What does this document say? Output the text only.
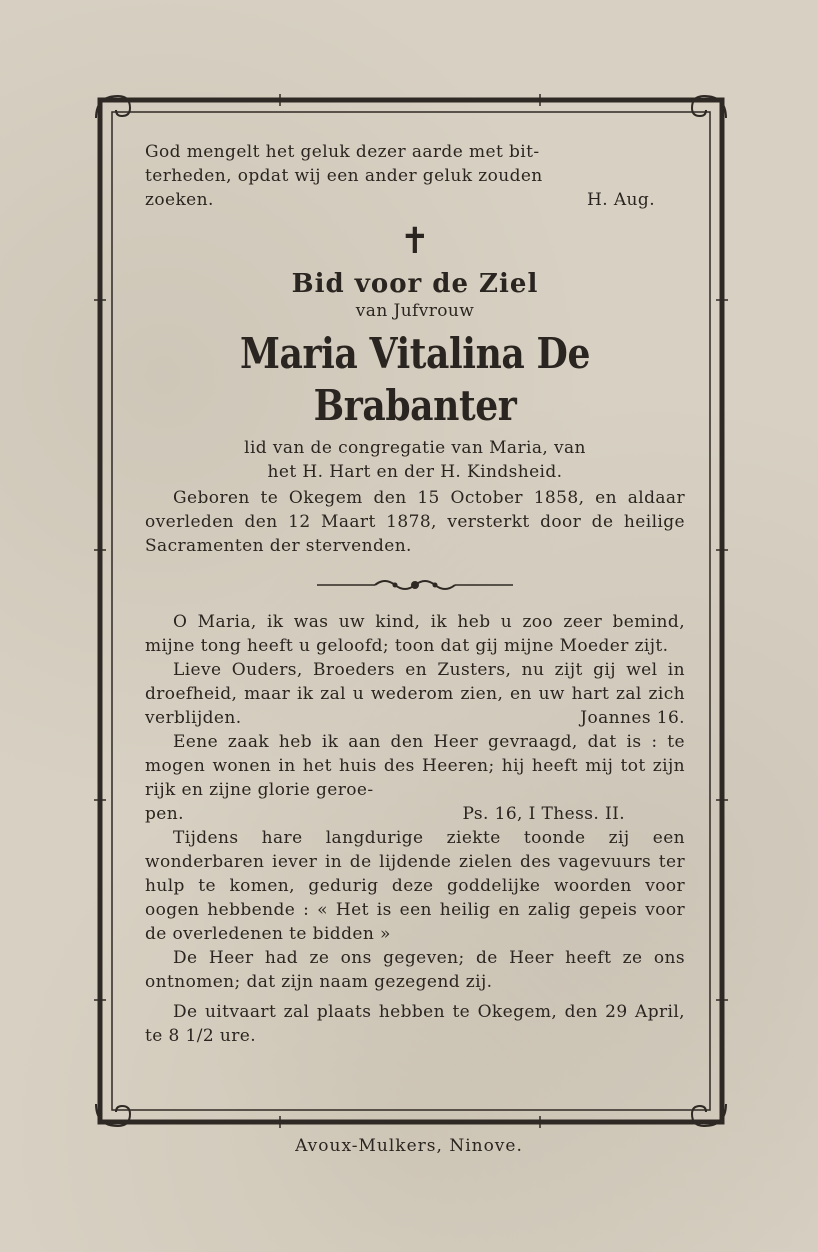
God mengelt het geluk dezer aarde met bit-
terheden, opdat wij een ander geluk zouden
zoeken.	H. Aug.
✝
Bid voor de Ziel
van Jufvrouw
Maria Vitalina De Brabanter
lid van de congregatie van Maria, van
het H. Hart en der H. Kindsheid.
Geboren te Okegem den 15 October 1858, en aldaar overleden den 12 Maart 1878, versterkt door de heilige Sacramenten der stervenden.

O Maria, ik was uw kind, ik heb u zoo zeer bemind, mijne tong heeft u geloofd; toon dat gij mijne Moeder zijt.

Lieve Ouders, Broeders en Zusters, nu zijt gij wel in droefheid, maar ik zal u wederom zien, en uw hart zal zich verblijden.	Joannes 16.

Eene zaak heb ik aan den Heer gevraagd, dat is : te mogen wonen in het huis des Heeren; hij heeft mij tot zijn rijk en zijne glorie geroe-

pen.	Ps. 16, I Thess. II.

Tijdens hare langdurige ziekte toonde zij een wonderbaren iever in de lijdende zielen des vagevuurs ter hulp te komen, gedurig deze goddelijke woorden voor oogen hebbende : « Het is een heilig en zalig gepeis voor de overledenen te bidden »

De Heer had ze ons gegeven; de Heer heeft ze ons ontnomen; dat zijn naam gezegend zij.

De uitvaart zal plaats hebben te Okegem, den 29 April, te 8 1/2 ure.

Avoux-Mulkers, Ninove.
